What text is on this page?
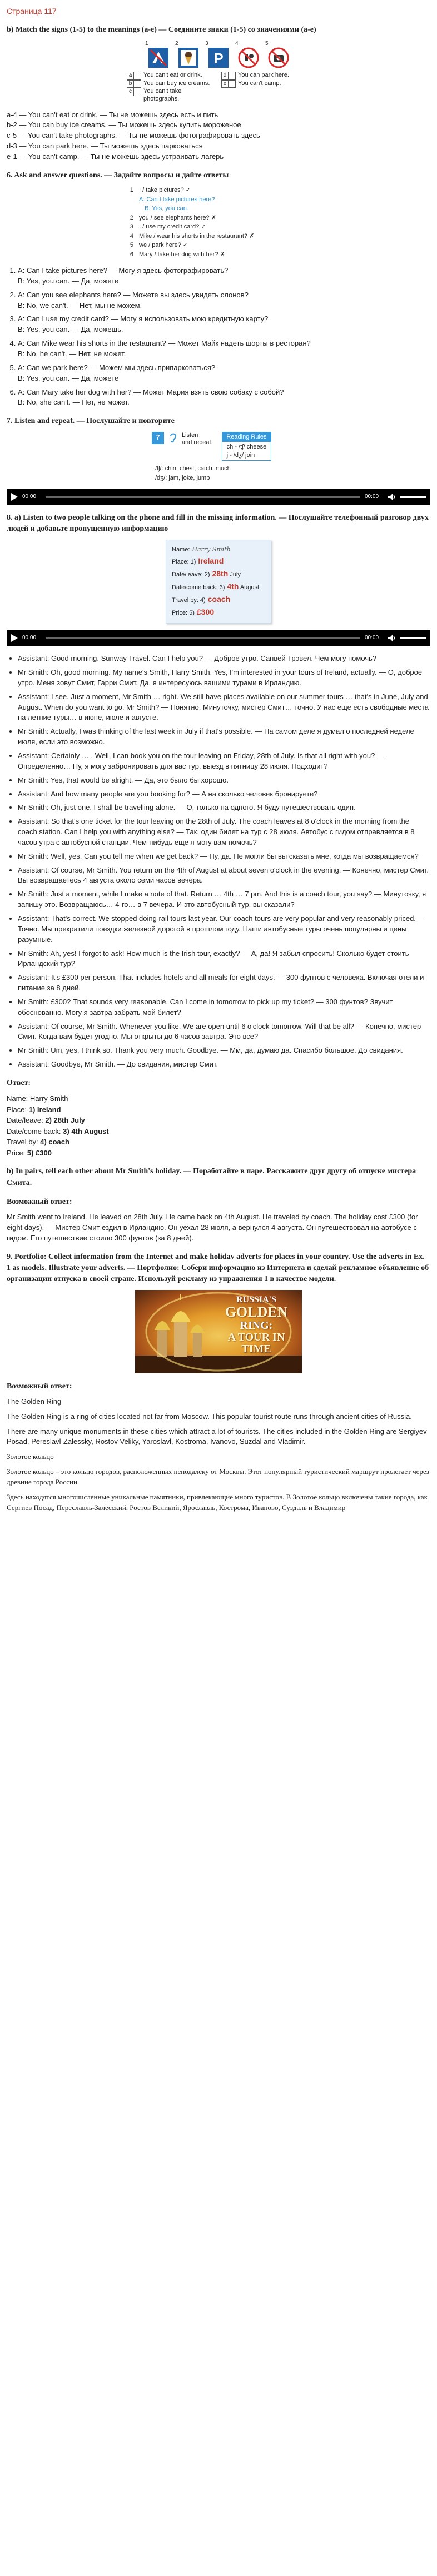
Страница 117
b) Match the signs (1-5) to the meanings (a-e) — Соедините знаки (1-5) со значениями (a-e)
1	2	3
P
4	5
a	You can't eat or drink.	d	You can park here.
b	You can buy ice creams. e	You can't camp.
c	You can't take photographs.

a-4 — You can't eat or drink. — Ты не можешь здесь есть и пить

b-2 — You can buy ice creams. — Ты можешь здесь купить мороженое

c-5 — You can't take photographs. — Ты не можешь фотографировать здесь

d-3 — You can park here. — Ты можешь здесь парковаться

e-1 — You can't camp. — Ты не можешь здесь устраивать лагерь

6. Ask and answer questions. — Задайте вопросы и дайте ответы
1 I / take pictures? ✓
A: Can I take pictures here?
B: Yes, you can.
2 you / see elephants here? ✗
3 I / use my credit card? ✓
4 Mike / wear his shorts in the restaurant? ✗
5 we / park here? ✓
6 Mary / take her dog with her? ✗
1. A: Can I take pictures here? — Могу я здесь фотографировать?
B: Yes, you can. — Да, можете
2. A: Can you see elephants here? — Можете вы здесь увидеть слонов?
B: No, we can't. — Нет, мы не можем.
3. A: Can I use my credit card? — Могу я использовать мою кредитную карту?
B: Yes, you can. — Да, можешь.
4. A: Can Mike wear his shorts in the restaurant? — Может Майк надеть шорты в ресторан?
B: No, he can't. — Нет, не может.
5. A: Can we park here? — Можем мы здесь припарковаться?
B: Yes, you can. — Да, можете
6. A: Can Mary take her dog with her? — Может Мария взять свою собаку с собой?
B: No, she can't. — Нет, не может.
7. Listen and repeat. — Послушайте и повторите
7	Listen
and repeat.
Reading Rules
ch - /tʃ/ cheese
j - /dʒ/ join
/tʃ/: chin, chest, catch, much
/dʒ/: jam, joke, jump
00:00	00:00
8. a) Listen to two people talking on the phone and fill in the missing information. — Послушайте телефонный разговор двух людей и добавьте пропущенную информацию
Name: Harry Smith
Place: 1) Ireland
Date/leave: 2) 28th July
Date/come back: 3) 4th August
Travel by: 4) coach
Price: 5) £300
00:00	00:00
• Assistant: Good morning. Sunway Travel. Can I help you? — Доброе утро. Санвей Трэвел. Чем могу помочь?
• Mr Smith: Oh, good morning. My name's Smith, Harry Smith. Yes, I'm interested in your tours of Ireland, actually. — О, доброе утро. Меня зовут Смит, Гарри Смит. Да, я интересуюсь вашими турами в Ирландию.
• Assistant: I see. Just a moment, Mr Smith … right. We still have places available on our summer tours … that's in June, July and August. When do you want to go, Mr Smith? — Понятно. Минуточку, мистер Смит… точно. У нас еще есть свободные места на летние туры… в июне, июле и августе.
• Mr Smith: Actually, I was thinking of the last week in July if that's possible. — На самом деле я думал о последней неделе июля, если это возможно.
• Assistant: Certainly … . Well, I can book you on the tour leaving on Friday, 28th of July. Is that all right with you? — Определенно… Ну, я могу забронировать для вас тур, выезд в пятницу 28 июля. Подходит?
• Mr Smith: Yes, that would be alright. — Да, это было бы хорошо.
• Assistant: And how many people are you booking for? — А на сколько человек бронируете?
• Mr Smith: Oh, just one. I shall be travelling alone. — О, только на одного. Я буду путешествовать один.
• Assistant: So that's one ticket for the tour leaving on the 28th of July. The coach leaves at 8 o'clock in the morning from the coach station. Can I help you with anything else? — Так, один билет на тур с 28 июля. Автобус с гидом отправляется в 8 часов утра с автобусной станции. Чем-нибудь еще я могу вам помочь?
• Mr Smith: Well, yes. Can you tell me when we get back? — Ну, да. Не могли бы вы сказать мне, когда мы возвращаемся?
• Assistant: Of course, Mr Smith. You return on the 4th of August at about seven o'clock in the evening. — Конечно, мистер Смит. Вы возвращаетесь 4 августа около семи часов вечера.
• Mr Smith: Just a moment, while I make a note of that. Return … 4th … 7 pm. And this is a coach tour, you say? — Минуточку, я запишу это. Возвращаюсь… 4-го… в 7 вечера. И это автобусный тур, вы сказали?
• Assistant: That's correct. We stopped doing rail tours last year. Our coach tours are very popular and very reasonably priced. — Точно. Мы прекратили поездки железной дорогой в прошлом году. Наши автобусные туры очень популярны и цены разумные.
• Mr Smith: Ah, yes! I forgot to ask! How much is the Irish tour, exactly? — А, да! Я забыл спросить! Сколько будет стоить Ирландский тур?
• Assistant: It's £300 per person. That includes hotels and all meals for eight days. — 300 фунтов с человека. Включая отели и питание за 8 дней.
• Mr Smith: £300? That sounds very reasonable. Can I come in tomorrow to pick up my ticket? — 300 фунтов? Звучит обоснованно. Могу я завтра забрать мой билет?
• Assistant: Of course, Mr Smith. Whenever you like. We are open until 6 o'clock tomorrow. Will that be all? — Конечно, мистер Смит. Когда вам будет угодно. Мы открыты до 6 часов завтра. Это все?
• Mr Smith: Um, yes, I think so. Thank you very much. Goodbye. — Мм, да, думаю да. Спасибо большое. До свидания.
• Assistant: Goodbye, Mr Smith. — До свидания, мистер Смит.
Ответ:
Name: Harry Smith
Place: 1) Ireland
Date/leave: 2) 28th July
Date/come back: 3) 4th August
Travel by: 4) coach
Price: 5) £300
b) In pairs, tell each other about Mr Smith's holiday. — Поработайте в паре. Расскажите друг другу об отпуске мистера Смита.
Возможный ответ:

Mr Smith went to Ireland. He leaved on 28th July. He came back on 4th August. He traveled by coach. The holiday cost £300 (for eight days). — Мистер Смит ездил в Ирландию. Он уехал 28 июля, а вернулся 4 августа. Он путешествовал на автобусе с гидом. Его путешествие стоило 300 фунтов (за 8 дней).

9. Portfolio: Collect information from the Internet and make holiday adverts for places in your country. Use the adverts in Ex. 1 as models. Illustrate your adverts. — Портфолио: Собери информацию из Интернета и сделай рекламное объявление об организации отпуска в своей стране. Используй рекламу из упражнения 1 в качестве модели.
RUSSIA'S
GOLDEN
RING:
A TOUR IN TIME
Возможный ответ:

The Golden Ring

The Golden Ring is a ring of cities located not far from Moscow. This popular tourist route runs through ancient cities of Russia.

There are many unique monuments in these cities which attract a lot of tourists. The cities included in the Golden Ring are Sergiyev Posad, Pereslavl-Zalessky, Rostov Veliky, Yaroslavl, Kostroma, Ivanovo, Suzdal and Vladimir.

Золотое кольцо

Золотое кольцо – это кольцо городов, расположенных неподалеку от Москвы. Этот популярный туристический маршрут пролегает через древние города России.

Здесь находятся многочисленные уникальные памятники, привлекающие много туристов. В Золотое кольцо включены такие города, как Сергиев Посад, Переславль-Залесский, Ростов Великий, Ярославль, Кострома, Иваново, Суздаль и Владимир
